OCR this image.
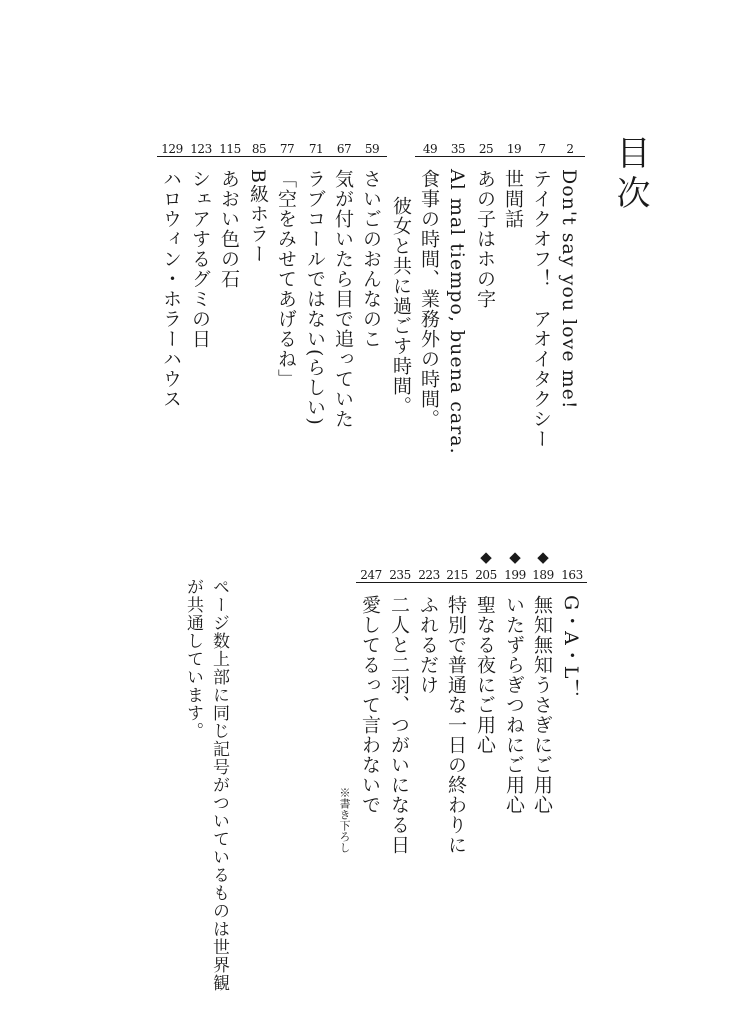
目次
2
Don't say you love me!
7
テイクオフ！　アオイタクシー
19
世間話
25
あの子はホの字
35
Al mal tiempo, buena cara.
49
食事の時間、業務外の時間。
彼女と共に過ごす時間。
59
さいごのおんなのこ
67
気が付いたら目で追っていた
71
ラブコールではない(らしい)
77
「空をみせてあげるね」
85
B級ホラー
115
あおい色の石
123
シェアするグミの日
129
ハロウィン・ホラーハウス
163
G・A・L！
◆
189
無知無知うさぎにご用心
◆
199
いたずらぎつねにご用心
◆
205
聖なる夜にご用心
215
特別で普通な一日の終わりに
223
ふれるだけ
235
二人と二羽、つがいになる日
247
愛してるって言わないで
※書き下ろし
ページ数上部に同じ記号がついているものは世界観が共通しています。
